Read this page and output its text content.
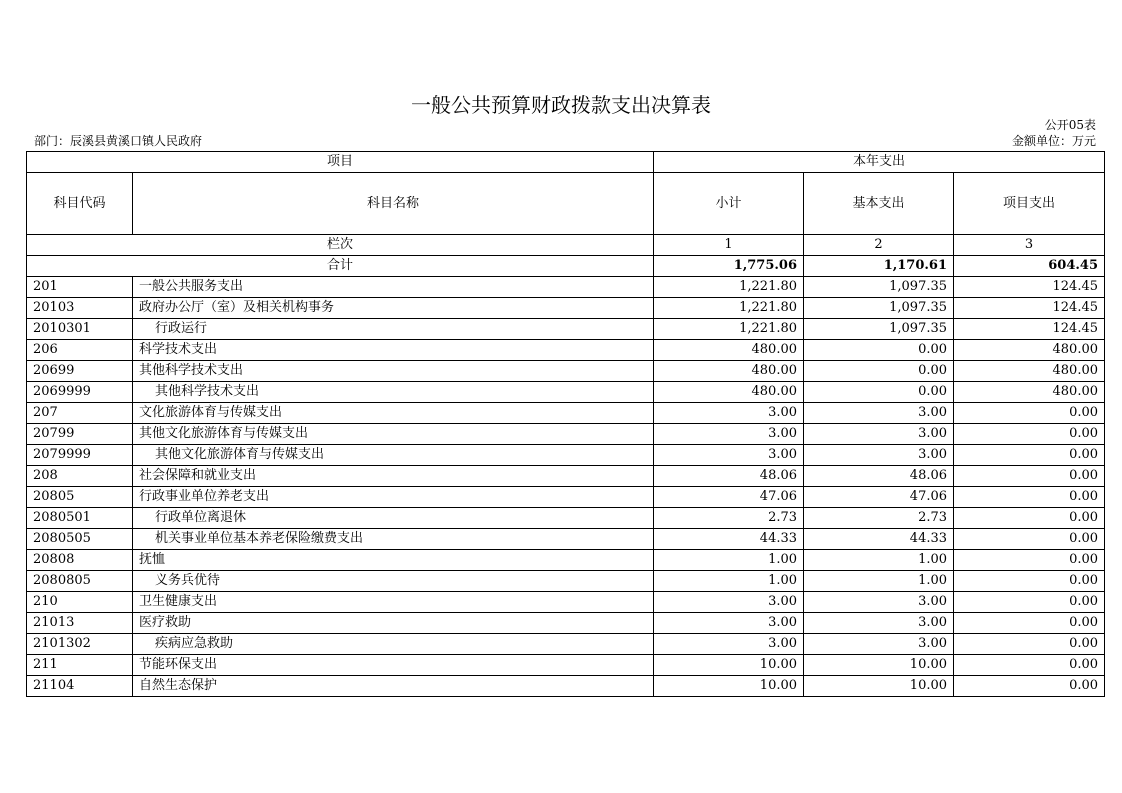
一般公共预算财政拨款支出决算表
公开05表
部门：辰溪县黄溪口镇人民政府	金额单位：万元
项目		本年支出		
科目代码	科目名称	小计	基本支出	项目支出
栏次		1	2	3
合计		1,775.06	1,170.61	604.45
201	一般公共服务支出	1,221.80	1,097.35	124.45
20103	政府办公厅（室）及相关机构事务	1,221.80	1,097.35	124.45
2010301	行政运行	1,221.80	1,097.35	124.45
206	科学技术支出	480.00	0.00	480.00
20699	其他科学技术支出	480.00	0.00	480.00
2069999	其他科学技术支出	480.00	0.00	480.00
207	文化旅游体育与传媒支出	3.00	3.00	0.00
20799	其他文化旅游体育与传媒支出	3.00	3.00	0.00
2079999	其他文化旅游体育与传媒支出	3.00	3.00	0.00
208	社会保障和就业支出	48.06	48.06	0.00
20805	行政事业单位养老支出	47.06	47.06	0.00
2080501	行政单位离退休	2.73	2.73	0.00
2080505	机关事业单位基本养老保险缴费支出	44.33	44.33	0.00
20808	抚恤	1.00	1.00	0.00
2080805	义务兵优待	1.00	1.00	0.00
210	卫生健康支出	3.00	3.00	0.00
21013	医疗救助	3.00	3.00	0.00
2101302	疾病应急救助	3.00	3.00	0.00
211	节能环保支出	10.00	10.00	0.00
21104	自然生态保护	10.00	10.00	0.00
